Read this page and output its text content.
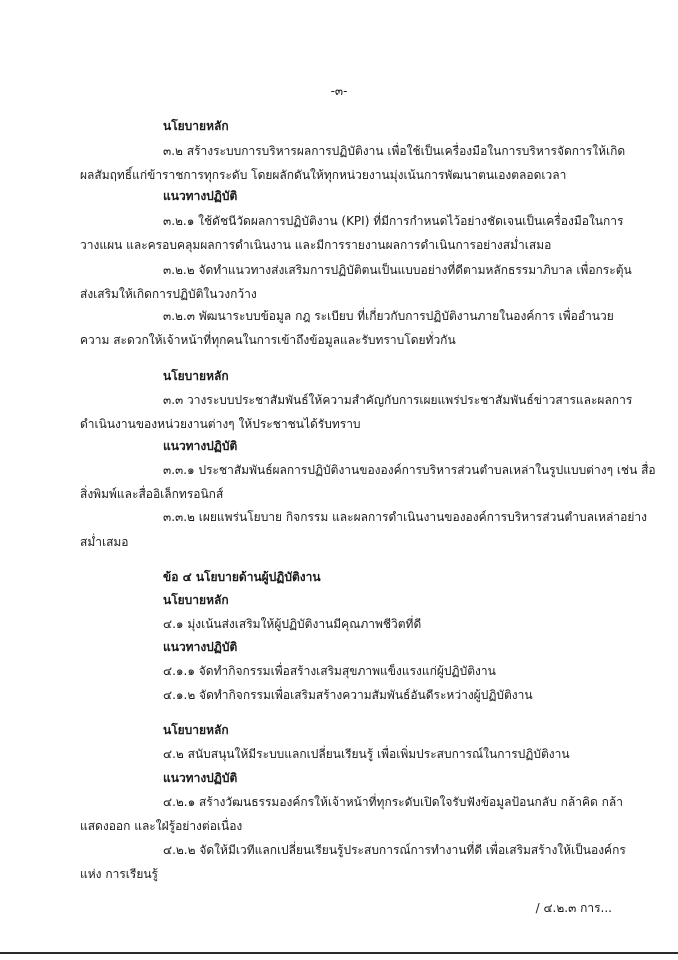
-๓-
นโยบายหลัก
๓.๒ สร้างระบบการบริหารผลการปฏิบัติงาน เพื่อใช้เป็นเครื่องมือในการบริหารจัดการให้เกิด
ผลสัมฤทธิ์แก่ข้าราชการทุกระดับ โดยผลักดันให้ทุกหน่วยงานมุ่งเน้นการพัฒนาตนเองตลอดเวลา
แนวทางปฏิบัติ
๓.๒.๑ ใช้ดัชนีวัดผลการปฏิบัติงาน (KPI) ที่มีการกำหนดไว้อย่างชัดเจนเป็นเครื่องมือในการ
วางแผน และครอบคลุมผลการดำเนินงาน และมีการรายงานผลการดำเนินการอย่างสม่ำเสมอ
๓.๒.๒ จัดทำแนวทางส่งเสริมการปฏิบัติตนเป็นแบบอย่างที่ดีตามหลักธรรมาภิบาล เพื่อกระตุ้น
ส่งเสริมให้เกิดการปฏิบัติในวงกว้าง
๓.๒.๓ พัฒนาระบบข้อมูล กฎ ระเบียบ ที่เกี่ยวกับการปฏิบัติงานภายในองค์การ เพื่ออำนวย
ความ สะดวกให้เจ้าหน้าที่ทุกคนในการเข้าถึงข้อมูลและรับทราบโดยทั่วกัน
นโยบายหลัก
๓.๓ วางระบบประชาสัมพันธ์ให้ความสำคัญกับการเผยแพร่ประชาสัมพันธ์ข่าวสารและผลการ
ดำเนินงานของหน่วยงานต่างๆ ให้ประชาชนได้รับทราบ
แนวทางปฏิบัติ
๓.๓.๑ ประชาสัมพันธ์ผลการปฏิบัติงานขององค์การบริหารส่วนตำบลเหล่าในรูปแบบต่างๆ เช่น สื่อ
สิ่งพิมพ์และสื่ออิเล็กทรอนิกส์
๓.๓.๒ เผยแพร่นโยบาย กิจกรรม และผลการดำเนินงานขององค์การบริหารส่วนตำบลเหล่าอย่าง
สม่ำเสมอ
ข้อ ๔ นโยบายด้านผู้ปฏิบัติงาน
นโยบายหลัก
๔.๑ มุ่งเน้นส่งเสริมให้ผู้ปฏิบัติงานมีคุณภาพชีวิตที่ดี
แนวทางปฏิบัติ
๔.๑.๑ จัดทำกิจกรรมเพื่อสร้างเสริมสุขภาพแข็งแรงแก่ผู้ปฏิบัติงาน
๔.๑.๒ จัดทำกิจกรรมเพื่อเสริมสร้างความสัมพันธ์อันดีระหว่างผู้ปฏิบัติงาน
นโยบายหลัก
๔.๒ สนับสนุนให้มีระบบแลกเปลี่ยนเรียนรู้ เพื่อเพิ่มประสบการณ์ในการปฏิบัติงาน
แนวทางปฏิบัติ
๔.๒.๑ สร้างวัฒนธรรมองค์กรให้เจ้าหน้าที่ทุกระดับเปิดใจรับฟังข้อมูลป้อนกลับ กล้าคิด กล้า
แสดงออก และใฝ่รู้อย่างต่อเนื่อง
๔.๒.๒ จัดให้มีเวทีแลกเปลี่ยนเรียนรู้ประสบการณ์การทำงานที่ดี เพื่อเสริมสร้างให้เป็นองค์กร
แห่ง การเรียนรู้
/ ๔.๒.๓ การ...
